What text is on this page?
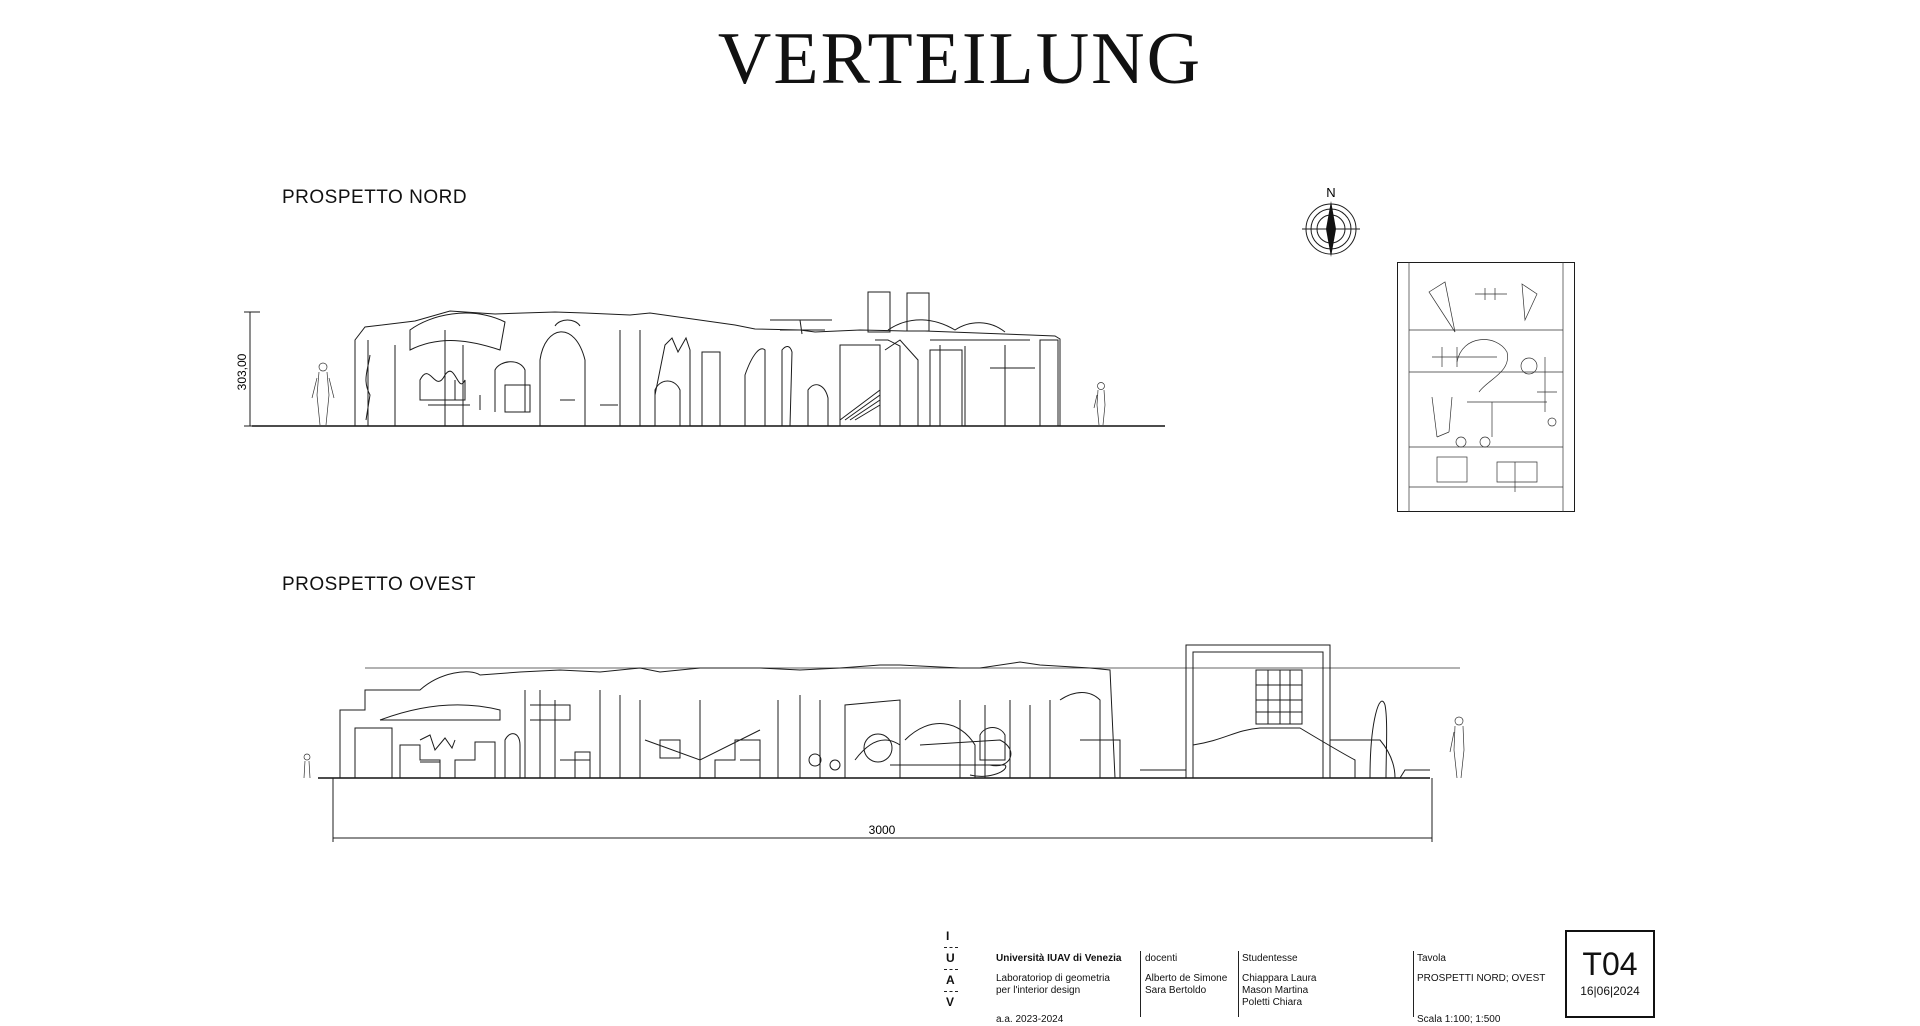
VERTEILUNG
PROSPETTO NORD
PROSPETTO OVEST
303,00
N
3000
I
U
A
V
Università IUAV di Venezia
Laboratoriop di geometria
per l'interior design
a.a. 2023-2024
docenti
Alberto de Simone
Sara Bertoldo
Studentesse
Chiappara Laura
Mason Martina
Poletti Chiara
Tavola
PROSPETTI NORD; OVEST
Scala 1:100; 1:500
T04
16|06|2024
